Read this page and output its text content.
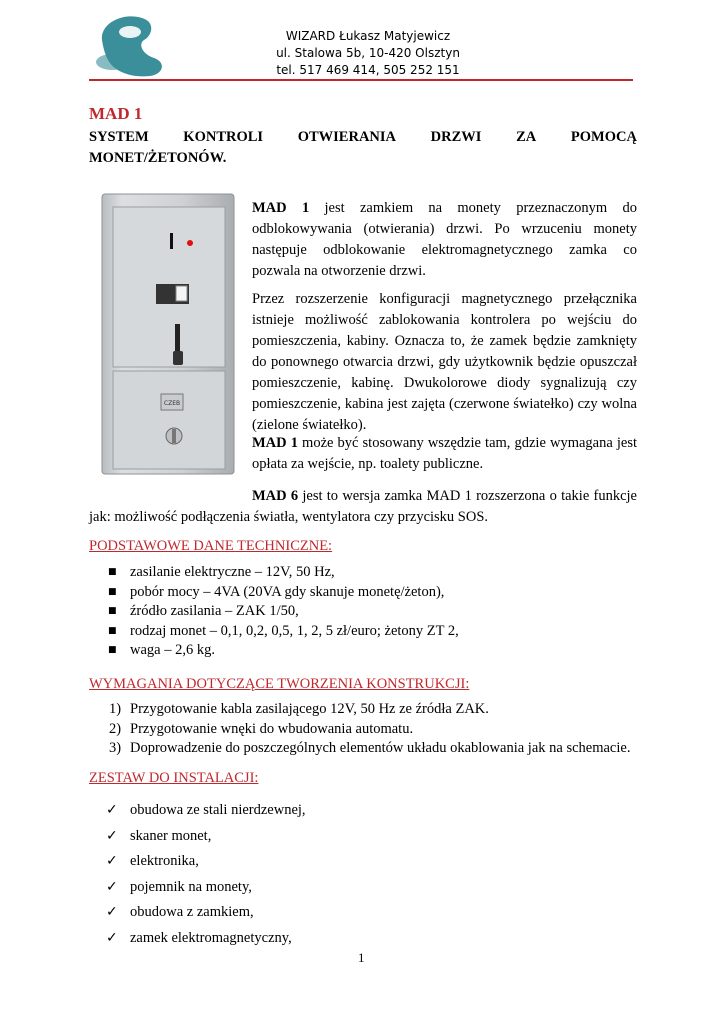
WIZARD Łukasz Matyjewicz
ul. Stalowa 5b, 10-420 Olsztyn
tel. 517 469 414, 505 252 151
MAD 1
SYSTEM KONTROLI OTWIERANIA DRZWI ZA POMOCĄ
MONET/ŻETONÓW.
CZEB
MAD 1 jest zamkiem na monety przeznaczonym do odblokowywania (otwierania) drzwi. Po wrzuceniu monety następuje odblokowanie elektromagnetycznego zamka co pozwala na otworzenie drzwi.
Przez rozszerzenie konfiguracji magnetycznego przełącznika istnieje możliwość zablokowania kontrolera po wejściu do pomieszczenia, kabiny. Oznacza to, że zamek będzie zamknięty do ponownego otwarcia drzwi, gdy użytkownik będzie opuszczał pomieszczenie, kabinę. Dwukolorowe diody sygnalizują czy pomieszczenie, kabina jest zajęta (czerwone światełko) czy wolna (zielone światełko).
MAD 1 może być stosowany wszędzie tam, gdzie wymagana jest opłata za wejście, np. toalety publiczne.
MAD 6 jest to wersja zamka MAD 1 rozszerzona o takie funkcje jak: możliwość podłączenia światła, wentylatora czy przycisku SOS.
PODSTAWOWE DANE TECHNICZNE:
■ zasilanie elektryczne – 12V, 50 Hz,
■ pobór mocy – 4VA (20VA gdy skanuje monetę/żeton),
■ źródło zasilania – ZAK 1/50,
■ rodzaj monet – 0,1, 0,2, 0,5, 1, 2, 5 zł/euro; żetony ZT 2,
■ waga – 2,6 kg.
WYMAGANIA DOTYCZĄCE TWORZENIA KONSTRUKCJI:
1) Przygotowanie kabla zasilającego 12V, 50 Hz ze źródła ZAK.
2) Przygotowanie wnęki do wbudowania automatu.
3) Doprowadzenie do poszczególnych elementów układu okablowania jak na schemacie.
ZESTAW DO INSTALACJI:
✓ obudowa ze stali nierdzewnej,
✓ skaner monet,
✓ elektronika,
✓ pojemnik na monety,
✓ obudowa z zamkiem,
✓ zamek elektromagnetyczny,
1
